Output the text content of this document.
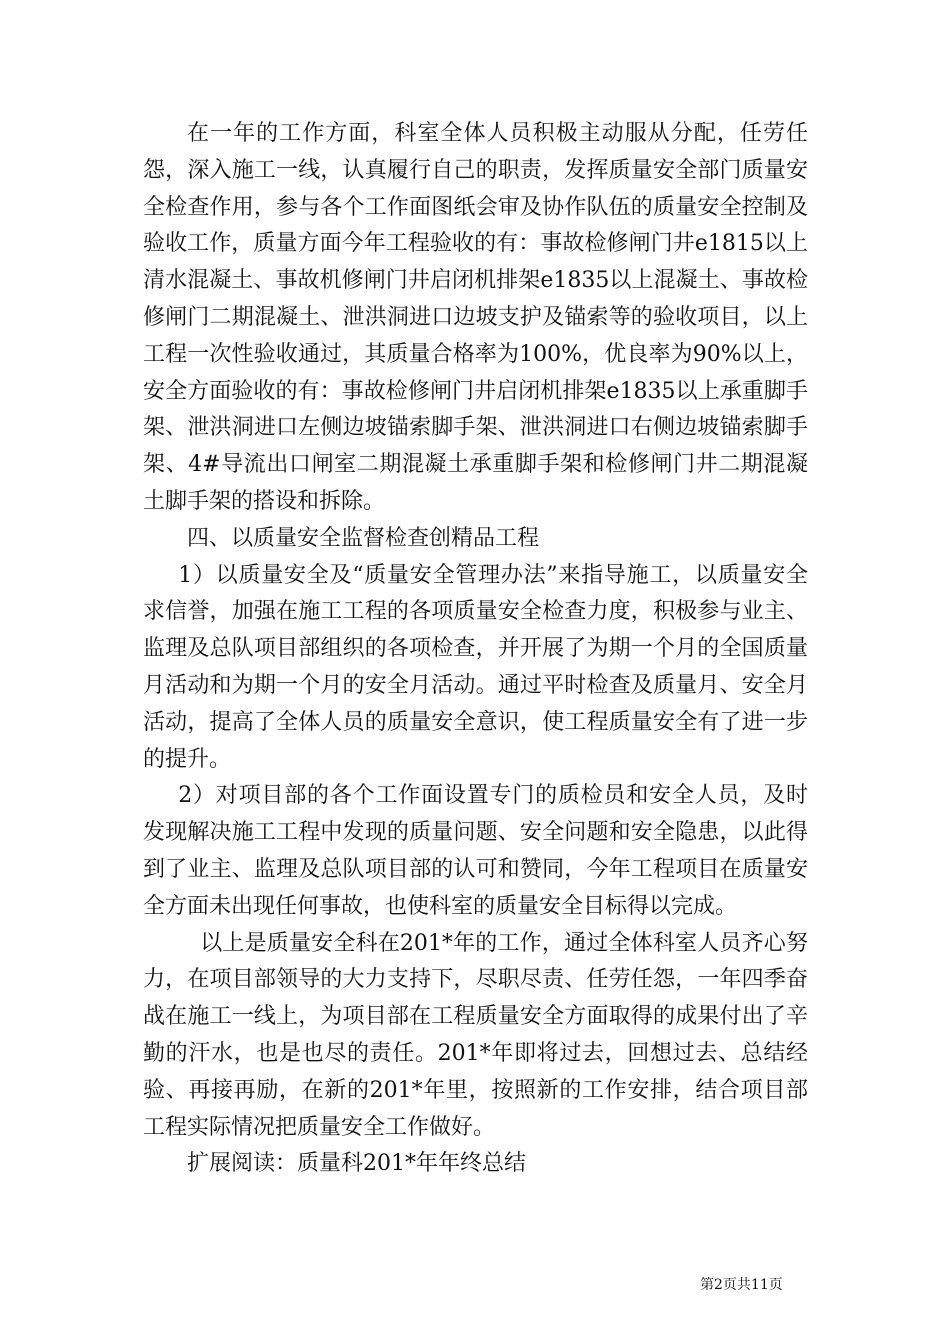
在一年的工作方面，科室全体人员积极主动服从分配，任劳任怨，深入施工一线，认真履行自己的职责，发挥质量安全部门质量安全检查作用，参与各个工作面图纸会审及协作队伍的质量安全控制及验收工作，质量方面今年工程验收的有：事故检修闸门井e1815以上清水混凝土、事故机修闸门井启闭机排架e1835以上混凝土、事故检修闸门二期混凝土、泄洪洞进口边坡支护及锚索等的验收项目，以上工程一次性验收通过，其质量合格率为100%，优良率为90%以上，安全方面验收的有：事故检修闸门井启闭机排架e1835以上承重脚手架、泄洪洞进口左侧边坡锚索脚手架、泄洪洞进口右侧边坡锚索脚手架、4#导流出口闸室二期混凝土承重脚手架和检修闸门井二期混凝土脚手架的搭设和拆除。

四、以质量安全监督检查创精品工程

1）以质量安全及“质量安全管理办法”来指导施工，以质量安全求信誉，加强在施工工程的各项质量安全检查力度，积极参与业主、监理及总队项目部组织的各项检查，并开展了为期一个月的全国质量月活动和为期一个月的安全月活动。通过平时检查及质量月、安全月活动，提高了全体人员的质量安全意识，使工程质量安全有了进一步的提升。

2）对项目部的各个工作面设置专门的质检员和安全人员，及时发现解决施工工程中发现的质量问题、安全问题和安全隐患，以此得到了业主、监理及总队项目部的认可和赞同，今年工程项目在质量安全方面未出现任何事故，也使科室的质量安全目标得以完成。

以上是质量安全科在201*年的工作，通过全体科室人员齐心努力，在项目部领导的大力支持下，尽职尽责、任劳任怨，一年四季奋战在施工一线上，为项目部在工程质量安全方面取得的成果付出了辛勤的汗水，也是也尽的责任。201*年即将过去，回想过去、总结经验、再接再励，在新的201*年里，按照新的工作安排，结合项目部工程实际情况把质量安全工作做好。

扩展阅读：质量科201*年年终总结

第2页共11页
